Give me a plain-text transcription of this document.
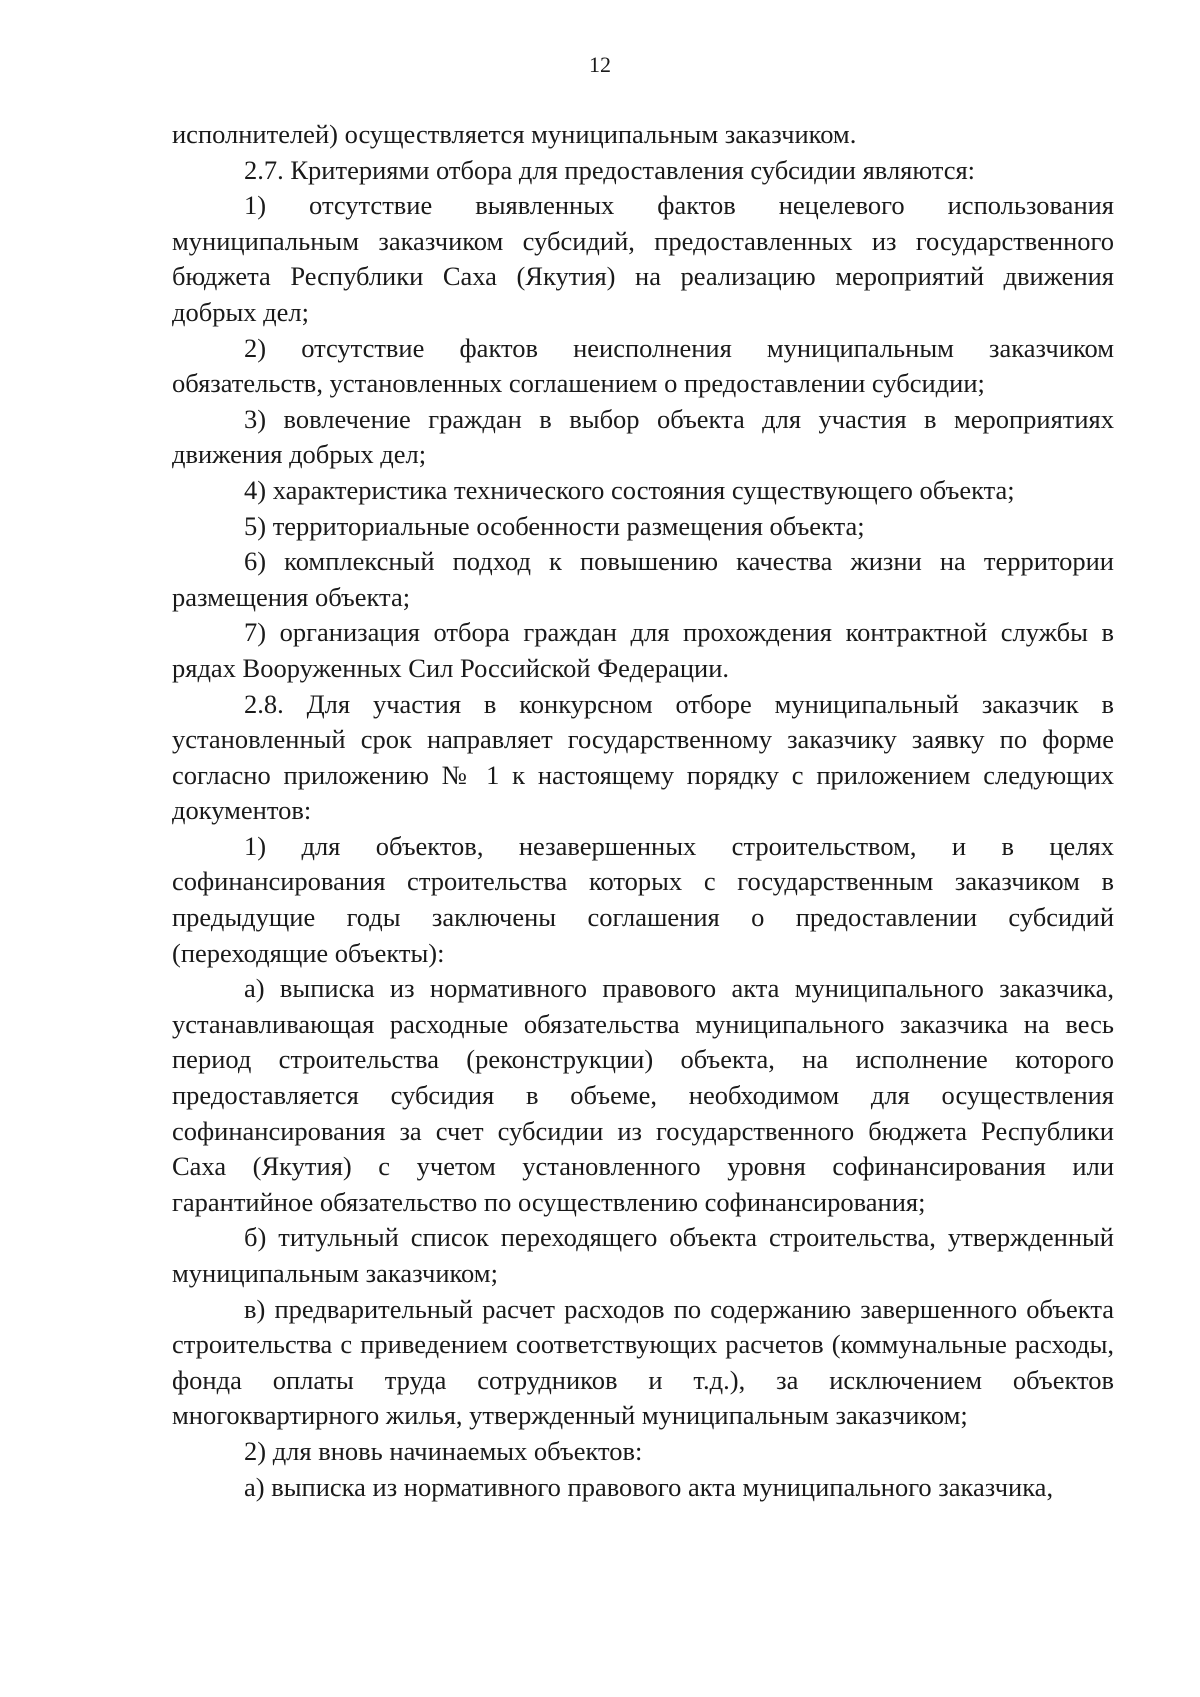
12

исполнителей) осуществляется муниципальным заказчиком.

2.7. Критериями отбора для предоставления субсидии являются:

1) отсутствие выявленных фактов нецелевого использования муниципальным заказчиком субсидий, предоставленных из государственного бюджета Республики Саха (Якутия) на реализацию мероприятий движения добрых дел;

2) отсутствие фактов неисполнения муниципальным заказчиком обязательств, установленных соглашением о предоставлении субсидии;

3) вовлечение граждан в выбор объекта для участия в мероприятиях движения добрых дел;

4) характеристика технического состояния существующего объекта;

5) территориальные особенности размещения объекта;

6) комплексный подход к повышению качества жизни на территории размещения объекта;

7) организация отбора граждан для прохождения контрактной службы в рядах Вооруженных Сил Российской Федерации.

2.8. Для участия в конкурсном отборе муниципальный заказчик в установленный срок направляет государственному заказчику заявку по форме согласно приложению № 1 к настоящему порядку с приложением следующих документов:

1) для объектов, незавершенных строительством, и в целях софинансирования строительства которых с государственным заказчиком в предыдущие годы заключены соглашения о предоставлении субсидий (переходящие объекты):

а) выписка из нормативного правового акта муниципального заказчика, устанавливающая расходные обязательства муниципального заказчика на весь период строительства (реконструкции) объекта, на исполнение которого предоставляется субсидия в объеме, необходимом для осуществления софинансирования за счет субсидии из государственного бюджета Республики Саха (Якутия) с учетом установленного уровня софинансирования или гарантийное обязательство по осуществлению софинансирования;

б) титульный список переходящего объекта строительства, утвержденный муниципальным заказчиком;

в) предварительный расчет расходов по содержанию завершенного объекта строительства с приведением соответствующих расчетов (коммунальные расходы, фонда оплаты труда сотрудников и т.д.), за исключением объектов многоквартирного жилья, утвержденный муниципальным заказчиком;

2) для вновь начинаемых объектов:

а) выписка из нормативного правового акта муниципального заказчика,
